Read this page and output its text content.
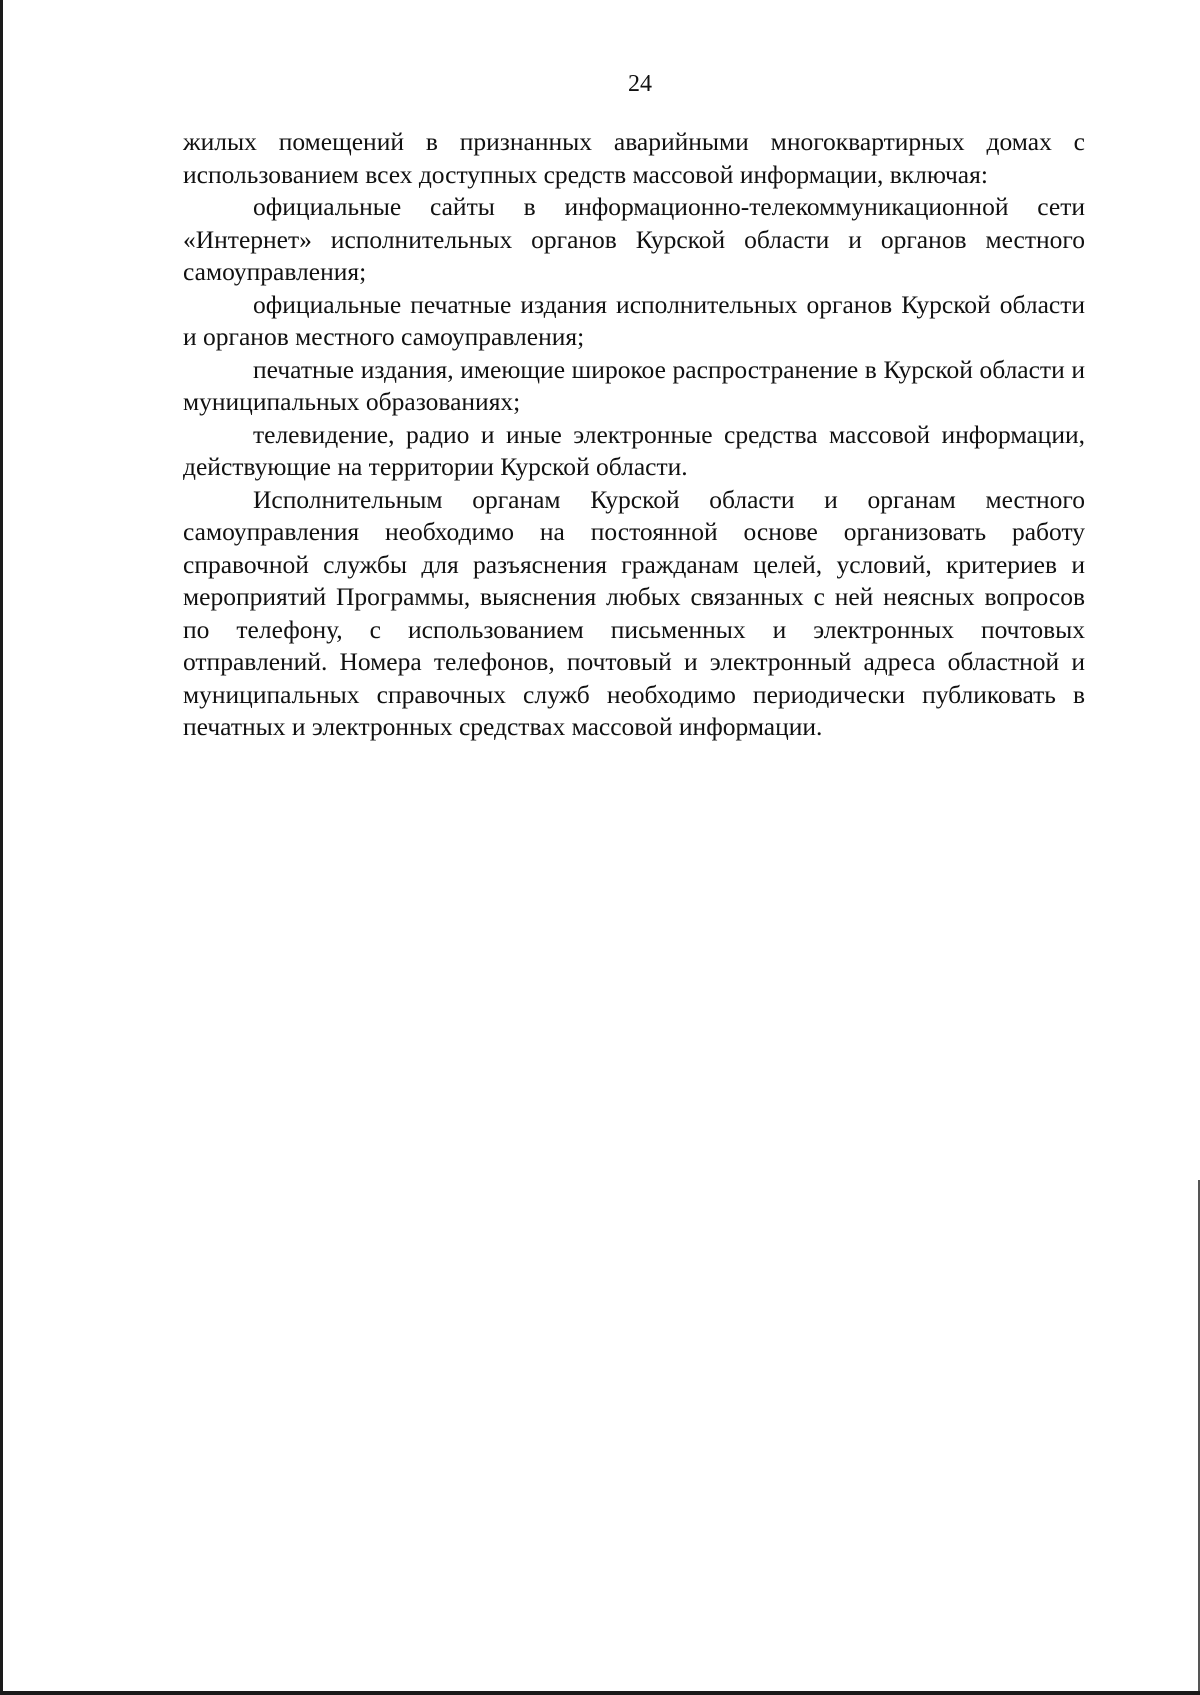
24

жилых помещений в признанных аварийными многоквартирных домах с использованием всех доступных средств массовой информации, включая:

официальные сайты в информационно-телекоммуникационной сети «Интернет» исполнительных органов Курской области и органов местного самоуправления;

официальные печатные издания исполнительных органов Курской области и органов местного самоуправления;

печатные издания, имеющие широкое распространение в Курской области и муниципальных образованиях;

телевидение, радио и иные электронные средства массовой информации, действующие на территории Курской области.

Исполнительным органам Курской области и органам местного самоуправления необходимо на постоянной основе организовать работу справочной службы для разъяснения гражданам целей, условий, критериев и мероприятий Программы, выяснения любых связанных с ней неясных вопросов по телефону, с использованием письменных и электронных почтовых отправлений. Номера телефонов, почтовый и электронный адреса областной и муниципальных справочных служб необходимо периодически публиковать в печатных и электронных средствах массовой информации.
